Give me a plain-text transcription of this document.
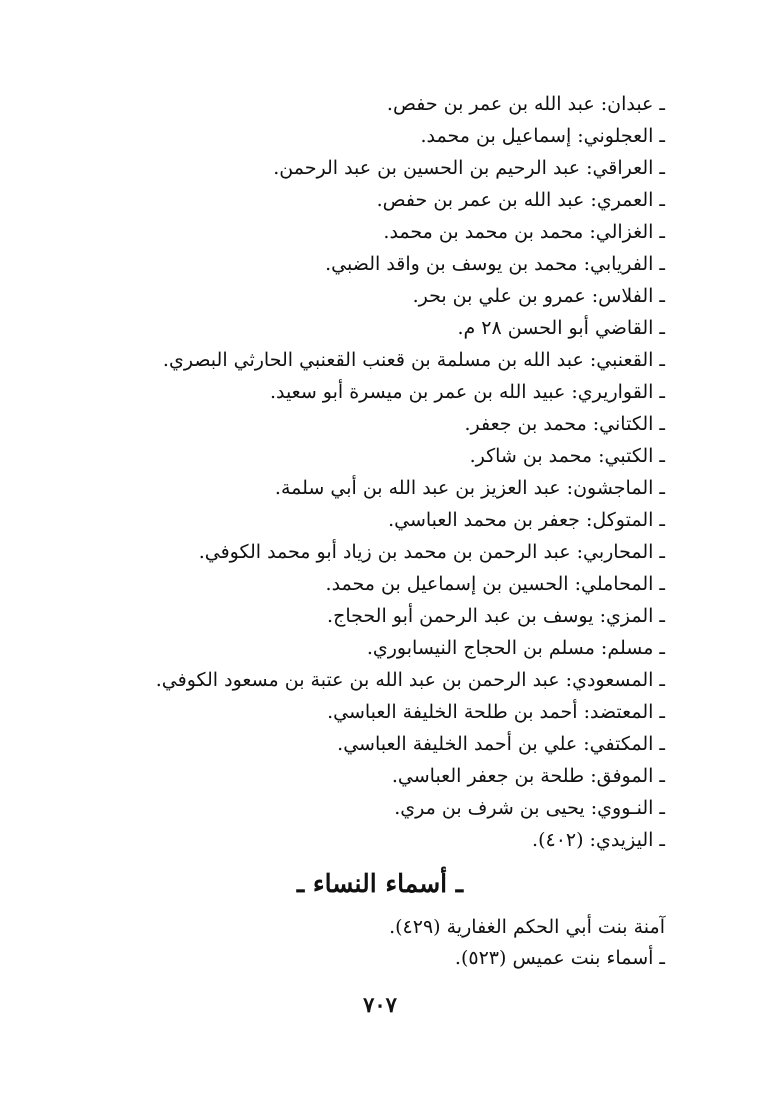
ـ عبدان: عبد الله بن عمر بن حفص.
ـ العجلوني: إسماعيل بن محمد.
ـ العراقي: عبد الرحيم بن الحسين بن عبد الرحمن.
ـ العمري: عبد الله بن عمر بن حفص.
ـ الغزالي: محمد بن محمد بن محمد.
ـ الفريابي: محمد بن يوسف بن واقد الضبي.
ـ الفلاس: عمرو بن علي بن بحر.
ـ القاضي أبو الحسن ٢٨ م.
ـ القعنبي: عبد الله بن مسلمة بن قعنب القعنبي الحارثي البصري.
ـ القواريري: عبيد الله بن عمر بن ميسرة أبو سعيد.
ـ الكتاني: محمد بن جعفر.
ـ الكتبي: محمد بن شاكر.
ـ الماجشون: عبد العزيز بن عبد الله بن أبي سلمة.
ـ المتوكل: جعفر بن محمد العباسي.
ـ المحاربي: عبد الرحمن بن محمد بن زياد أبو محمد الكوفي.
ـ المحاملي: الحسين بن إسماعيل بن محمد.
ـ المزي: يوسف بن عبد الرحمن أبو الحجاج.
ـ مسلم: مسلم بن الحجاج النيسابوري.
ـ المسعودي: عبد الرحمن بن عبد الله بن عتبة بن مسعود الكوفي.
ـ المعتضد: أحمد بن طلحة الخليفة العباسي.
ـ المكتفي: علي بن أحمد الخليفة العباسي.
ـ الموفق: طلحة بن جعفر العباسي.
ـ النـووي: يحيى بن شرف بن مري.
ـ اليزيدي: (٤٠٢).
ـ أسماء النساء ـ
آمنة بنت أبي الحكم الغفارية (٤٢٩).
ـ أسماء بنت عميس (٥٢٣).
٧٠٧
